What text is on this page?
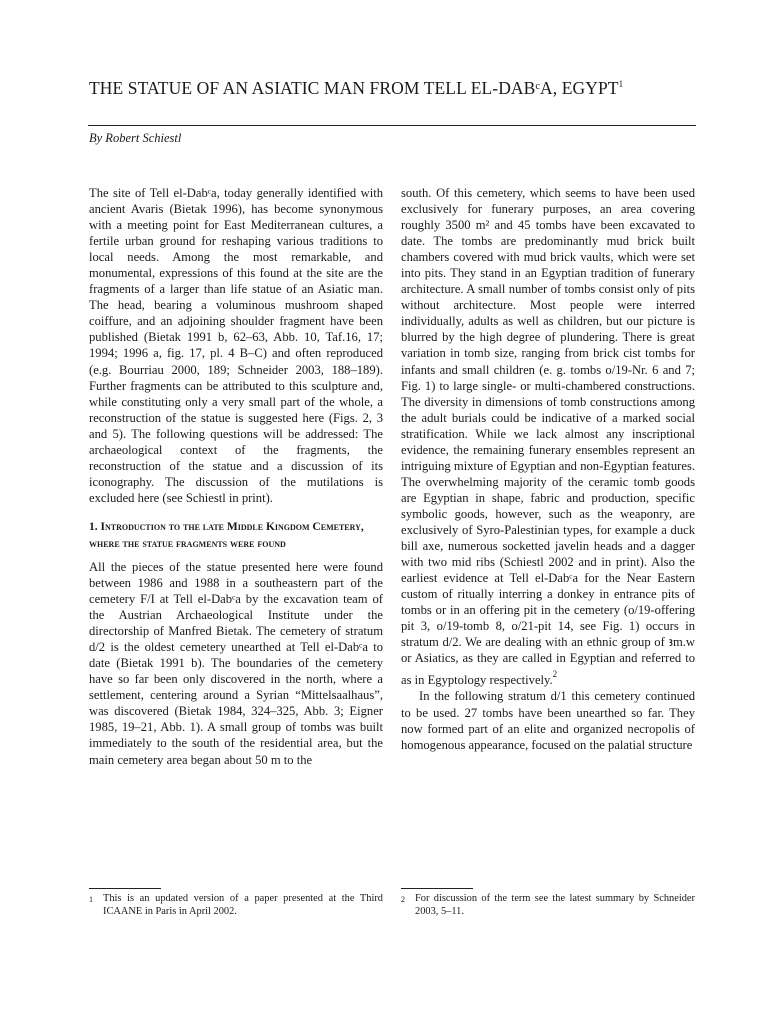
THE STATUE OF AN ASIATIC MAN FROM TELL EL-DABᶜA, EGYPT$^1$
By Robert Schiestl

The site of Tell el-Dabᶜa, today generally identified with ancient Avaris (Bietak 1996), has become synonymous with a meeting point for East Mediterranean cultures, a fertile urban ground for reshaping various traditions to local needs. Among the most remarkable, and monumental, expressions of this found at the site are the fragments of a larger than life statue of an Asiatic man. The head, bearing a voluminous mushroom shaped coiffure, and an adjoining shoulder fragment have been published (Bietak 1991 b, 62–63, Abb. 10, Taf.16, 17; 1994; 1996 a, fig. 17, pl. 4 B–C) and often reproduced (e.g. Bourriau 2000, 189; Schneider 2003, 188–189). Further fragments can be attributed to this sculpture and, while constituting only a very small part of the whole, a reconstruction of the statue is suggested here (Figs. 2, 3 and 5). The following questions will be addressed: The archaeological context of the fragments, the reconstruction of the statue and a discussion of its iconography. The discussion of the mutilations is excluded here (see Schiestl in print).

1. Introduction to the late Middle Kingdom Cemetery, where the statue fragments were found

All the pieces of the statue presented here were found between 1986 and 1988 in a southeastern part of the cemetery F/I at Tell el-Dabᶜa by the excavation team of the Austrian Archaeological Institute under the directorship of Manfred Bietak. The cemetery of stratum d/2 is the oldest cemetery unearthed at Tell el-Dabᶜa to date (Bietak 1991 b). The boundaries of the cemetery have so far been only discovered in the north, where a settlement, centering around a Syrian “Mittelsaalhaus”, was discovered (Bietak 1984, 324–325, Abb. 3; Eigner 1985, 19–21, Abb. 1). A small group of tombs was built immediately to the south of the residential area, but the main cemetery area began about 50 m to the

south. Of this cemetery, which seems to have been used exclusively for funerary purposes, an area covering roughly 3500 m² and 45 tombs have been excavated to date. The tombs are predominantly mud brick built chambers covered with mud brick vaults, which were set into pits. They stand in an Egyptian tradition of funerary architecture. A small number of tombs consist only of pits without architecture. Most people were interred individually, adults as well as children, but our picture is blurred by the high degree of plundering. There is great variation in tomb size, ranging from brick cist tombs for infants and small children (e. g. tombs o/19-Nr. 6 and 7; Fig. 1) to large single- or multi-chambered constructions. The diversity in dimensions of tomb constructions among the adult burials could be indicative of a marked social stratification. While we lack almost any inscriptional evidence, the remaining funerary ensembles represent an intriguing mixture of Egyptian and non-Egyptian features. The overwhelming majority of the ceramic tomb goods are Egyptian in shape, fabric and production, specific symbolic goods, however, such as the weaponry, are exclusively of Syro-Palestinian types, for example a duck bill axe, numerous socketted javelin heads and a dagger with two mid ribs (Schiestl 2002 and in print). Also the earliest evidence at Tell el-Dabᶜa for the Near Eastern custom of ritually interring a donkey in entrance pits of tombs or in an offering pit in the cemetery (o/19-offering pit 3, o/19-tomb 8, o/21-pit 14, see Fig. 1) occurs in stratum d/2. We are dealing with an ethnic group of ꜣm.w or Asiatics, as they are called in Egyptian and referred to as in Egyptology respectively.$^2$

In the following stratum d/1 this cemetery continued to be used. 27 tombs have been unearthed so far. They now formed part of an elite and organized necropolis of homogenous appearance, focused on the palatial structure

1 This is an updated version of a paper presented at the Third ICAANE in Paris in April 2002.
2 For discussion of the term see the latest summary by Schneider 2003, 5–11.
